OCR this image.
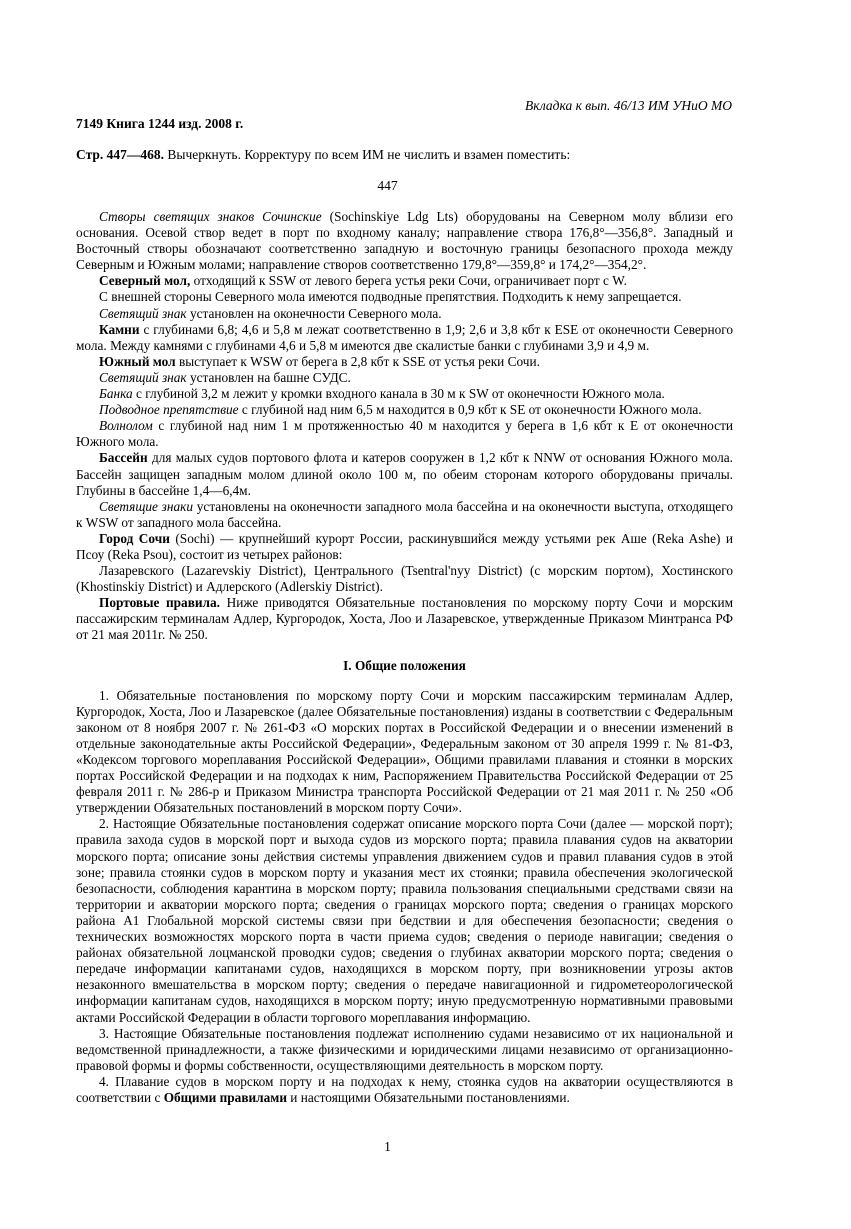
Вкладка к вып. 46/13 ИМ УНиО МО
7149 Книга 1244 изд. 2008 г.
Стр. 447—468. Вычеркнуть. Корректуру по всем ИМ не числить и взамен поместить:
447

Створы светящих знаков Сочинские (Sochinskiye Ldg Lts) оборудованы на Северном молу вблизи его основания. Осевой створ ведет в порт по входному каналу; направление створа 176,8°—356,8°. Западный и Восточный створы обозначают соответственно западную и восточную границы безопасного прохода между Северным и Южным молами; направление створов соответственно 179,8°—359,8° и 174,2°—354,2°.

Северный мол, отходящий к SSW от левого берега устья реки Сочи, ограничивает порт с W.

С внешней стороны Северного мола имеются подводные препятствия. Подходить к нему запрещается.

Светящий знак установлен на оконечности Северного мола.

Камни с глубинами 6,8; 4,6 и 5,8 м лежат соответственно в 1,9; 2,6 и 3,8 кбт к ESE от оконечности Северного мола. Между камнями с глубинами 4,6 и 5,8 м имеются две скалистые банки с глубинами 3,9 и 4,9 м.

Южный мол выступает к WSW от берега в 2,8 кбт к SSE от устья реки Сочи.

Светящий знак установлен на башне СУДС.

Банка с глубиной 3,2 м лежит у кромки входного канала в 30 м к SW от оконечности Южного мола.

Подводное препятствие с глубиной над ним 6,5 м находится в 0,9 кбт к SE от оконечности Южного мола.

Волнолом с глубиной над ним 1 м протяженностью 40 м находится у берега в 1,6 кбт к E от оконечности Южного мола.

Бассейн для малых судов портового флота и катеров сооружен в 1,2 кбт к NNW от основания Южного мола. Бассейн защищен западным молом длиной около 100 м, по обеим сторонам которого оборудованы причалы. Глубины в бассейне 1,4—6,4м.

Светящие знаки установлены на оконечности западного мола бассейна и на оконечности выступа, отходящего к WSW от западного мола бассейна.

Город Сочи (Sochi) — крупнейший курорт России, раскинувшийся между устьями рек Аше (Reka Ashe) и Псоу (Reka Psou), состоит из четырех районов:

Лазаревского (Lazarevskiy District), Центрального (Tsentral'nyy District) (с морским портом), Хостинского (Khostinskiy District) и Адлерского (Adlerskiy District).

Портовые правила. Ниже приводятся Обязательные постановления по морскому порту Сочи и морским пассажирским терминалам Адлер, Кургородок, Хоста, Лоо и Лазаревское, утвержденные Приказом Минтранса РФ от 21 мая 2011г. № 250.

I. Общие положения

1. Обязательные постановления по морскому порту Сочи и морским пассажирским терминалам Адлер, Кургородок, Хоста, Лоо и Лазаревское (далее Обязательные постановления) изданы в соответствии с Федеральным законом от 8 ноября 2007 г. № 261-ФЗ «О морских портах в Российской Федерации и о внесении изменений в отдельные законодательные акты Российской Федерации», Федеральным законом от 30 апреля 1999 г. № 81-ФЗ, «Кодексом торгового мореплавания Российской Федерации», Общими правилами плавания и стоянки в морских портах Российской Федерации и на подходах к ним, Распоряжением Правительства Российской Федерации от 25 февраля 2011 г. № 286-р и Приказом Министра транспорта Российской Федерации от 21 мая 2011 г. № 250 «Об утверждении Обязательных постановлений в морском порту Сочи».

2. Настоящие Обязательные постановления содержат описание морского порта Сочи (далее — морской порт); правила захода судов в морской порт и выхода судов из морского порта; правила плавания судов на акватории морского порта; описание зоны действия системы управления движением судов и правил плавания судов в этой зоне; правила стоянки судов в морском порту и указания мест их стоянки; правила обеспечения экологической безопасности, соблюдения карантина в морском порту; правила пользования специальными средствами связи на территории и акватории морского порта; сведения о границах морского порта; сведения о границах морского района А1 Глобальной морской системы связи при бедствии и для обеспечения безопасности; сведения о технических возможностях морского порта в части приема судов; сведения о периоде навигации; сведения о районах обязательной лоцманской проводки судов; сведения о глубинах акватории морского порта; сведения о передаче информации капитанами судов, находящихся в морском порту, при возникновении угрозы актов незаконного вмешательства в морском порту; сведения о передаче навигационной и гидрометеорологической информации капитанам судов, находящихся в морском порту; иную предусмотренную нормативными правовыми актами Российской Федерации в области торгового мореплавания информацию.

3. Настоящие Обязательные постановления подлежат исполнению судами независимо от их национальной и ведомственной принадлежности, а также физическими и юридическими лицами независимо от организационно-правовой формы и формы собственности, осуществляющими деятельность в морском порту.

4. Плавание судов в морском порту и на подходах к нему, стоянка судов на акватории осуществляются в соответствии с Общими правилами и настоящими Обязательными постановлениями.

1
